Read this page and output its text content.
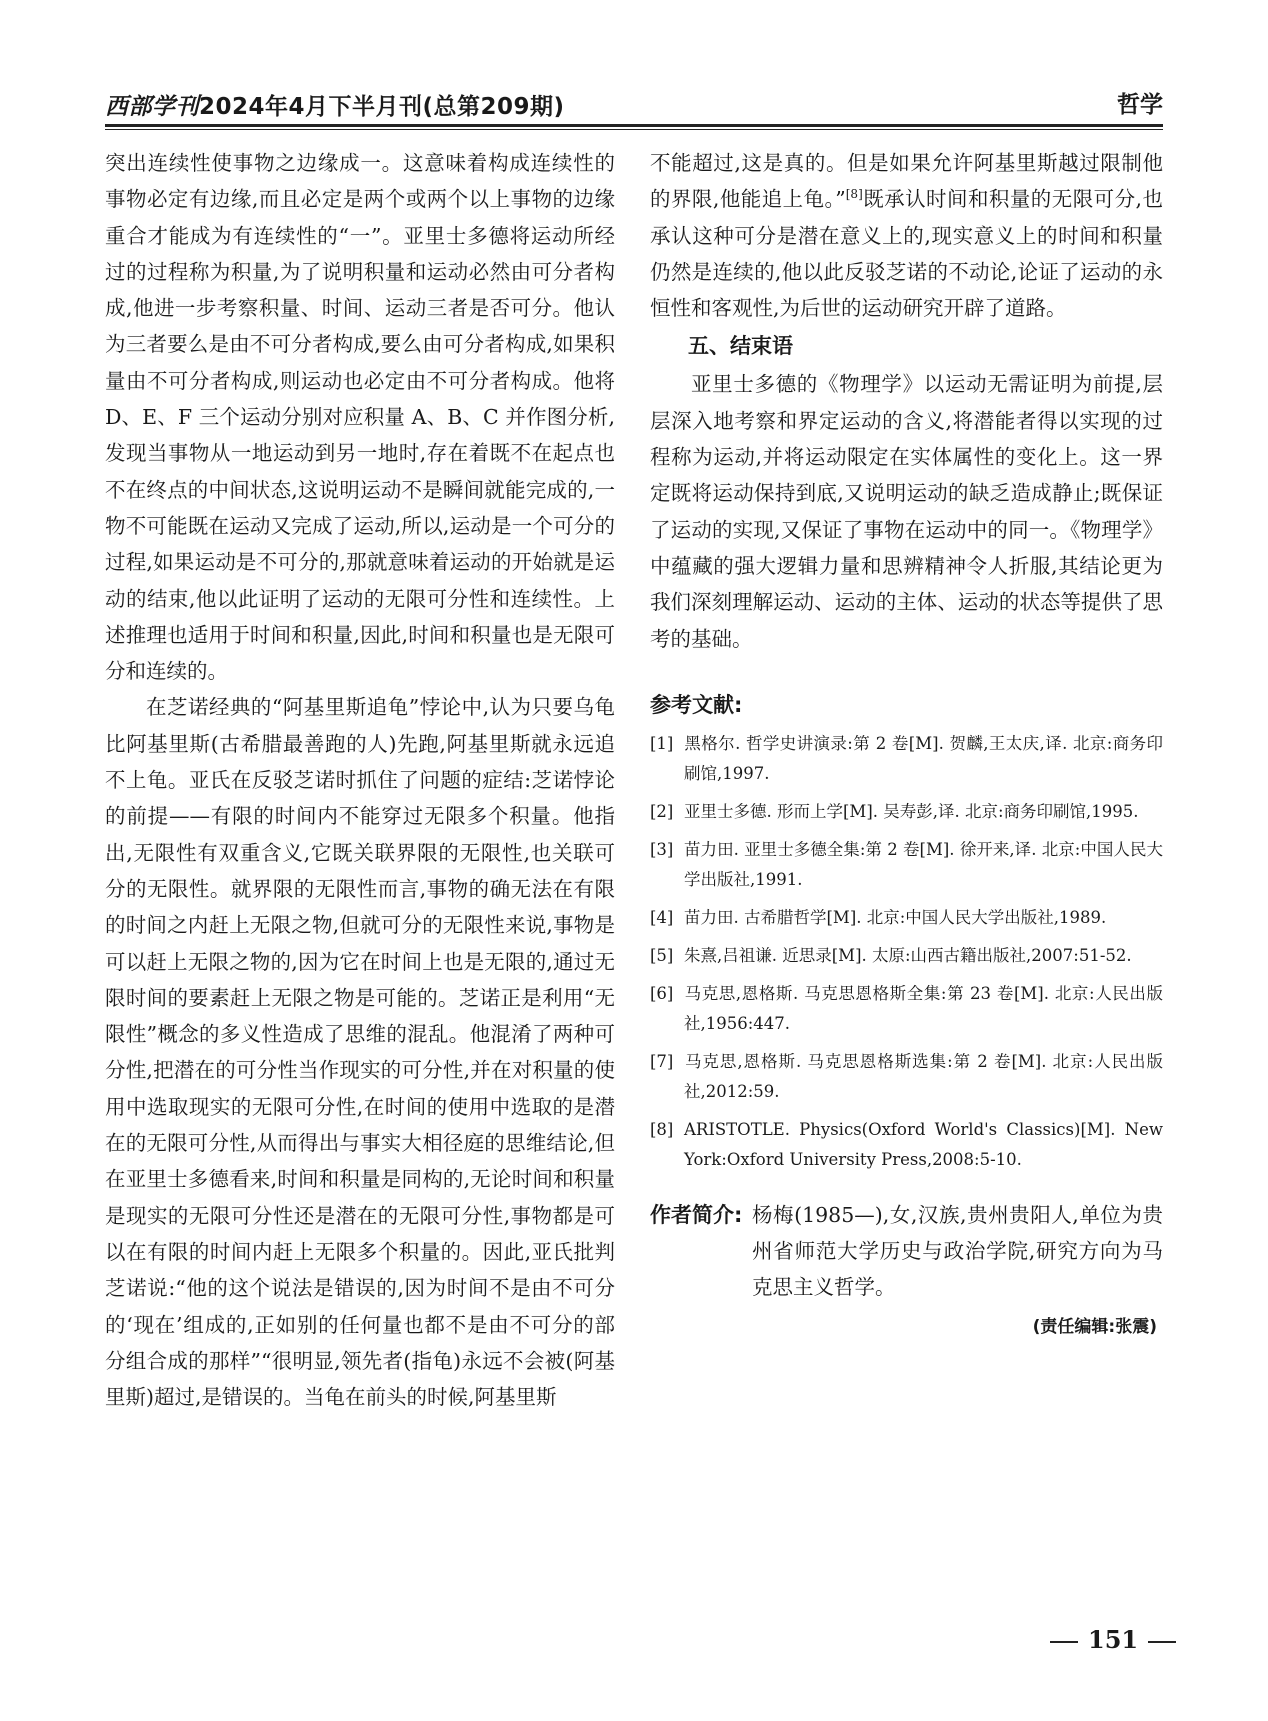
西部学刊2024年4月下半月刊(总第209期)	哲学

突出连续性使事物之边缘成一。这意味着构成连续性的事物必定有边缘,而且必定是两个或两个以上事物的边缘重合才能成为有连续性的“一”。亚里士多德将运动所经过的过程称为积量,为了说明积量和运动必然由可分者构成,他进一步考察积量、时间、运动三者是否可分。他认为三者要么是由不可分者构成,要么由可分者构成,如果积量由不可分者构成,则运动也必定由不可分者构成。他将 D、E、F 三个运动分别对应积量 A、B、C 并作图分析,发现当事物从一地运动到另一地时,存在着既不在起点也不在终点的中间状态,这说明运动不是瞬间就能完成的,一物不可能既在运动又完成了运动,所以,运动是一个可分的过程,如果运动是不可分的,那就意味着运动的开始就是运动的结束,他以此证明了运动的无限可分性和连续性。上述推理也适用于时间和积量,因此,时间和积量也是无限可分和连续的。

在芝诺经典的“阿基里斯追龟”悖论中,认为只要乌龟比阿基里斯(古希腊最善跑的人)先跑,阿基里斯就永远追不上龟。亚氏在反驳芝诺时抓住了问题的症结:芝诺悖论的前提——有限的时间内不能穿过无限多个积量。他指出,无限性有双重含义,它既关联界限的无限性,也关联可分的无限性。就界限的无限性而言,事物的确无法在有限的时间之内赶上无限之物,但就可分的无限性来说,事物是可以赶上无限之物的,因为它在时间上也是无限的,通过无限时间的要素赶上无限之物是可能的。芝诺正是利用“无限性”概念的多义性造成了思维的混乱。他混淆了两种可分性,把潜在的可分性当作现实的可分性,并在对积量的使用中选取现实的无限可分性,在时间的使用中选取的是潜在的无限可分性,从而得出与事实大相径庭的思维结论,但在亚里士多德看来,时间和积量是同构的,无论时间和积量是现实的无限可分性还是潜在的无限可分性,事物都是可以在有限的时间内赶上无限多个积量的。因此,亚氏批判芝诺说:“他的这个说法是错误的,因为时间不是由不可分的‘现在’组成的,正如别的任何量也都不是由不可分的部分组合成的那样”“很明显,领先者(指龟)永远不会被(阿基里斯)超过,是错误的。当龟在前头的时候,阿基里斯

不能超过,这是真的。但是如果允许阿基里斯越过限制他的界限,他能追上龟。”[8]既承认时间和积量的无限可分,也承认这种可分是潜在意义上的,现实意义上的时间和积量仍然是连续的,他以此反驳芝诺的不动论,论证了运动的永恒性和客观性,为后世的运动研究开辟了道路。

五、结束语

亚里士多德的《物理学》以运动无需证明为前提,层层深入地考察和界定运动的含义,将潜能者得以实现的过程称为运动,并将运动限定在实体属性的变化上。这一界定既将运动保持到底,又说明运动的缺乏造成静止;既保证了运动的实现,又保证了事物在运动中的同一。《物理学》中蕴藏的强大逻辑力量和思辨精神令人折服,其结论更为我们深刻理解运动、运动的主体、运动的状态等提供了思考的基础。

参考文献:
[1] 黑格尔. 哲学史讲演录:第 2 卷[M]. 贺麟,王太庆,译. 北京:商务印刷馆,1997.
[2] 亚里士多德. 形而上学[M]. 吴寿彭,译. 北京:商务印刷馆,1995.
[3] 苗力田. 亚里士多德全集:第 2 卷[M]. 徐开来,译. 北京:中国人民大学出版社,1991.
[4] 苗力田. 古希腊哲学[M]. 北京:中国人民大学出版社,1989.
[5] 朱熹,吕祖谦. 近思录[M]. 太原:山西古籍出版社,2007:51-52.
[6] 马克思,恩格斯. 马克思恩格斯全集:第 23 卷[M]. 北京:人民出版社,1956:447.
[7] 马克思,恩格斯. 马克思恩格斯选集:第 2 卷[M]. 北京:人民出版社,2012:59.
[8] ARISTOTLE. Physics(Oxford World's Classics)[M]. New York:Oxford University Press,2008:5-10.
作者简介: 杨梅(1985—),女,汉族,贵州贵阳人,单位为贵州省师范大学历史与政治学院,研究方向为马克思主义哲学。
(责任编辑:张震)
151
